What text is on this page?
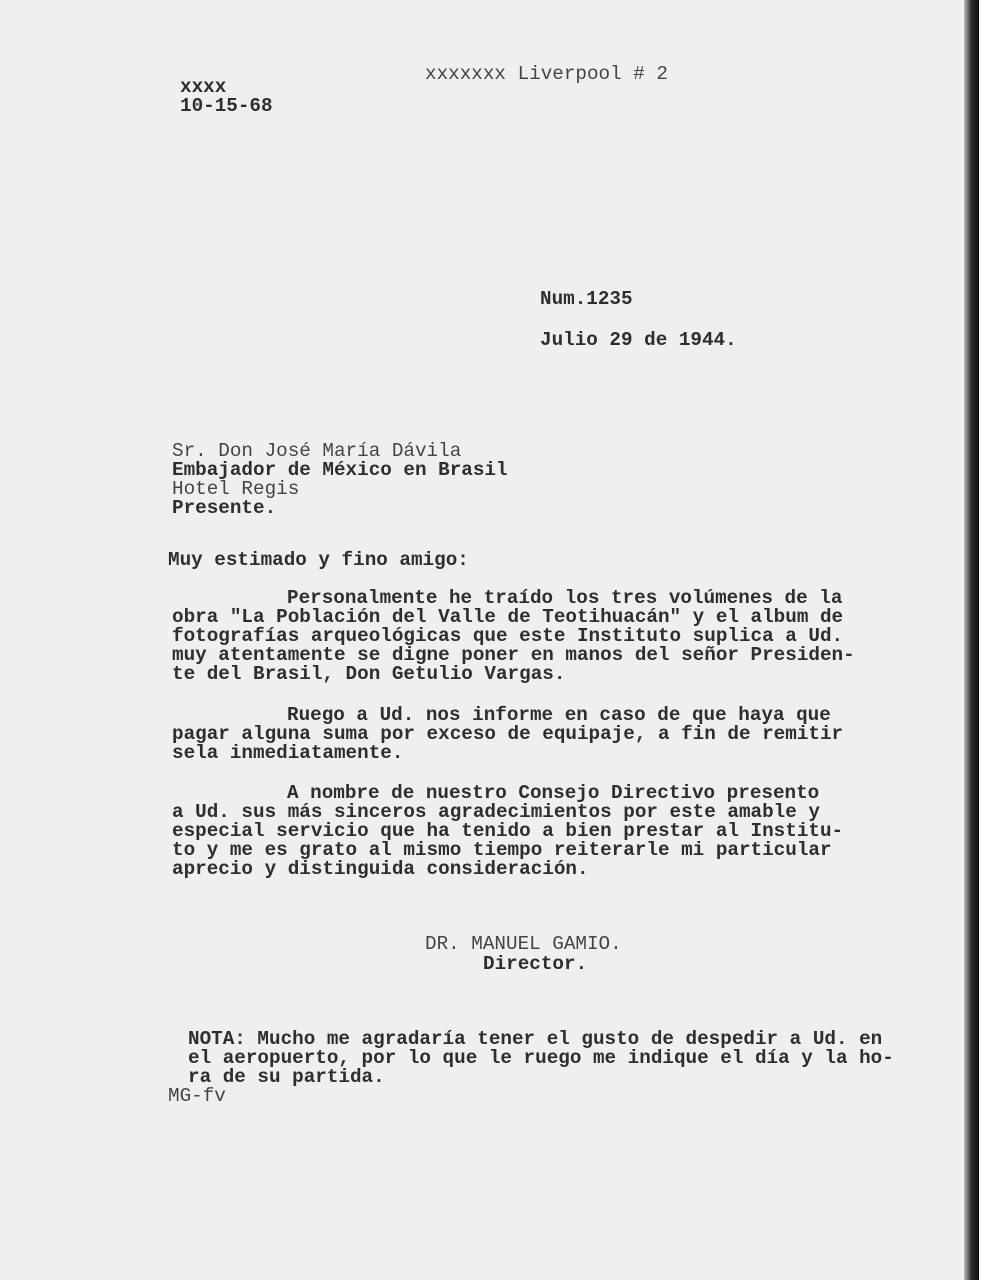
xxxx
10-15-68
xxxxxxx Liverpool # 2
Num.1235
Julio 29 de 1944.
Sr. Don José María Dávila
Embajador de México en Brasil
Hotel Regis
Presente.
Muy estimado y fino amigo:
Personalmente he traído los tres volúmenes de la
obra "La Población del Valle de Teotihuacán" y el album de
fotografías arqueológicas que este Instituto suplica a Ud.
muy atentamente se digne poner en manos del señor Presiden-
te del Brasil, Don Getulio Vargas.
Ruego a Ud. nos informe en caso de que haya que
pagar alguna suma por exceso de equipaje, a fin de remitir
sela inmediatamente.
A nombre de nuestro Consejo Directivo presento
a Ud. sus más sinceros agradecimientos por este amable y
especial servicio que ha tenido a bien prestar al Institu-
to y me es grato al mismo tiempo reiterarle mi particular
aprecio y distinguida consideración.
DR. MANUEL GAMIO.
Director.
NOTA: Mucho me agradaría tener el gusto de despedir a Ud. en
el aeropuerto, por lo que le ruego me indique el día y la ho-
ra de su partida.
MG-fv
